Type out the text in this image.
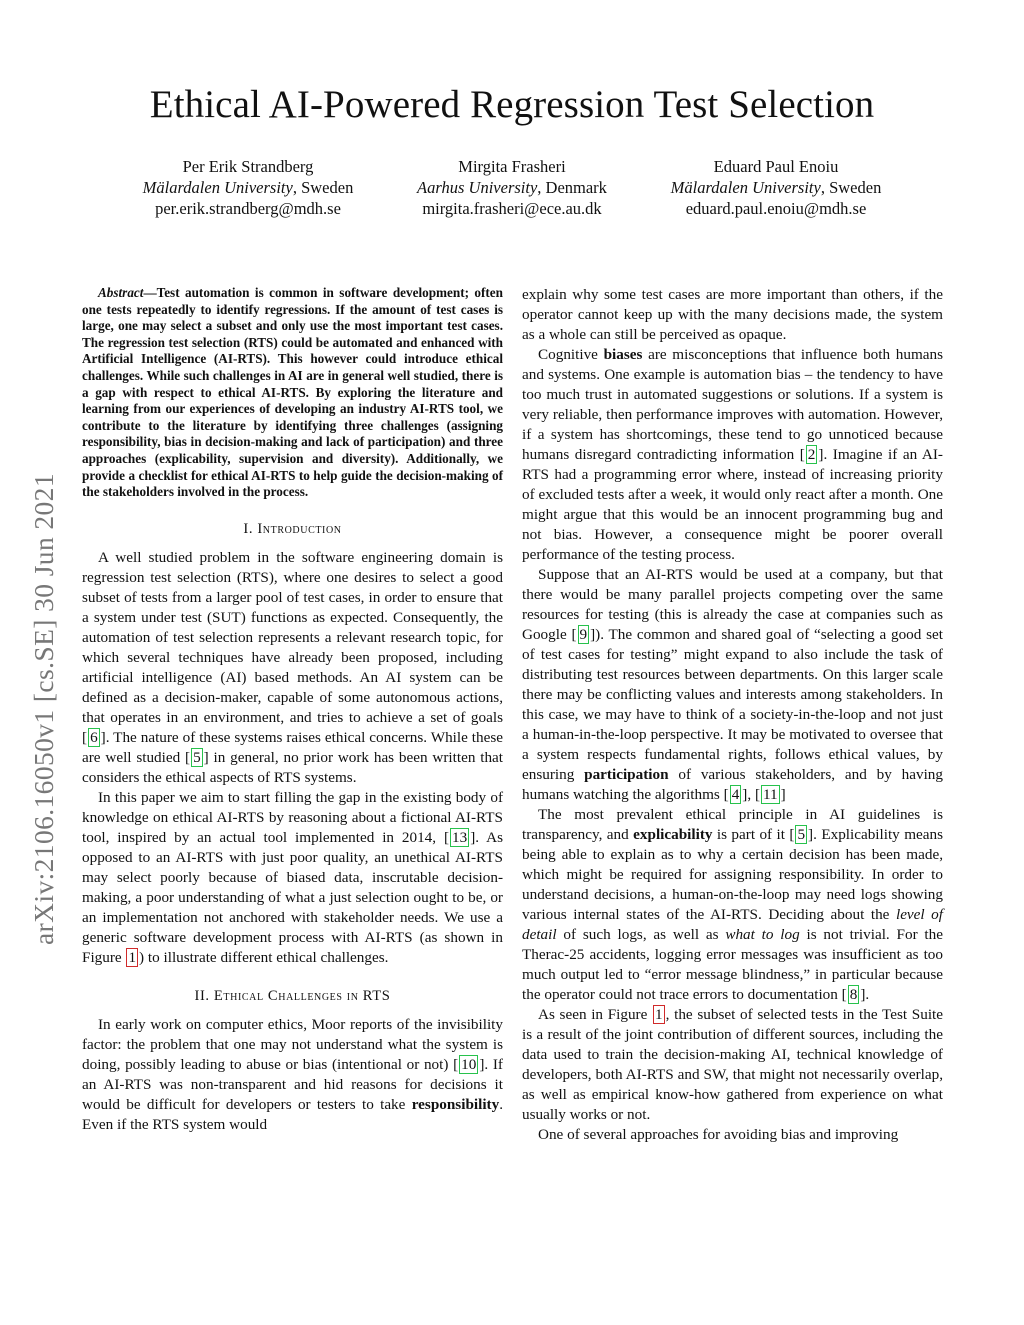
arXiv:2106.16050v1 [cs.SE] 30 Jun 2021
Ethical AI-Powered Regression Test Selection
Per Erik Strandberg
Mälardalen University, Sweden
per.erik.strandberg@mdh.se
Mirgita Frasheri
Aarhus University, Denmark
mirgita.frasheri@ece.au.dk
Eduard Paul Enoiu
Mälardalen University, Sweden
eduard.paul.enoiu@mdh.se

Abstract—Test automation is common in software development; often one tests repeatedly to identify regressions. If the amount of test cases is large, one may select a subset and only use the most important test cases. The regression test selection (RTS) could be automated and enhanced with Artificial Intelligence (AI-RTS). This however could introduce ethical challenges. While such challenges in AI are in general well studied, there is a gap with respect to ethical AI-RTS. By exploring the literature and learning from our experiences of developing an industry AI-RTS tool, we contribute to the literature by identifying three challenges (assigning responsibility, bias in decision-making and lack of participation) and three approaches (explicability, supervision and diversity). Additionally, we provide a checklist for ethical AI-RTS to help guide the decision-making of the stakeholders involved in the process.

I. Introduction

A well studied problem in the software engineering domain is regression test selection (RTS), where one desires to select a good subset of tests from a larger pool of test cases, in order to ensure that a system under test (SUT) functions as expected. Consequently, the automation of test selection represents a relevant research topic, for which several techniques have already been proposed, including artificial intelligence (AI) based methods. An AI system can be defined as a decision-maker, capable of some autonomous actions, that operates in an environment, and tries to achieve a set of goals [ 6 ]. The nature of these systems raises ethical concerns. While these are well studied [ 5 ] in general, no prior work has been written that considers the ethical aspects of RTS systems.

In this paper we aim to start filling the gap in the existing body of knowledge on ethical AI-RTS by reasoning about a fictional AI-RTS tool, inspired by an actual tool implemented in 2014, [ 13 ]. As opposed to an AI-RTS with just poor quality, an unethical AI-RTS may select poorly because of biased data, inscrutable decision-making, a poor understanding of what a just selection ought to be, or an implementation not anchored with stakeholder needs. We use a generic software development process with AI-RTS (as shown in Figure 1 ) to illustrate different ethical challenges.

II. Ethical Challenges in RTS

In early work on computer ethics, Moor reports of the invisibility factor: the problem that one may not understand what the system is doing, possibly leading to abuse or bias (intentional or not) [ 10 ]. If an AI-RTS was non-transparent and hid reasons for decisions it would be difficult for developers or testers to take responsibility. Even if the RTS system would

explain why some test cases are more important than others, if the operator cannot keep up with the many decisions made, the system as a whole can still be perceived as opaque.

Cognitive biases are misconceptions that influence both humans and systems. One example is automation bias – the tendency to have too much trust in automated suggestions or solutions. If a system is very reliable, then performance improves with automation. However, if a system has shortcomings, these tend to go unnoticed because humans disregard contradicting information [ 2 ]. Imagine if an AI-RTS had a programming error where, instead of increasing priority of excluded tests after a week, it would only react after a month. One might argue that this would be an innocent programming bug and not bias. However, a consequence might be poorer overall performance of the testing process.

Suppose that an AI-RTS would be used at a company, but that there would be many parallel projects competing over the same resources for testing (this is already the case at companies such as Google [ 9 ]). The common and shared goal of “selecting a good set of test cases for testing” might expand to also include the task of distributing test resources between departments. On this larger scale there may be conflicting values and interests among stakeholders. In this case, we may have to think of a society-in-the-loop and not just a human-in-the-loop perspective. It may be motivated to oversee that a system respects fundamental rights, follows ethical values, by ensuring participation of various stakeholders, and by having humans watching the algorithms [ 4 ], [ 11 ]

The most prevalent ethical principle in AI guidelines is transparency, and explicability is part of it [ 5 ]. Explicability means being able to explain as to why a certain decision has been made, which might be required for assigning responsibility. In order to understand decisions, a human-on-the-loop may need logs showing various internal states of the AI-RTS. Deciding about the level of detail of such logs, as well as what to log is not trivial. For the Therac-25 accidents, logging error messages was insufficient as too much output led to “error message blindness,” in particular because the operator could not trace errors to documentation [ 8 ].

As seen in Figure 1 , the subset of selected tests in the Test Suite is a result of the joint contribution of different sources, including the data used to train the decision-making AI, technical knowledge of developers, both AI-RTS and SW, that might not necessarily overlap, as well as empirical know-how gathered from experience on what usually works or not.

One of several approaches for avoiding bias and improving
